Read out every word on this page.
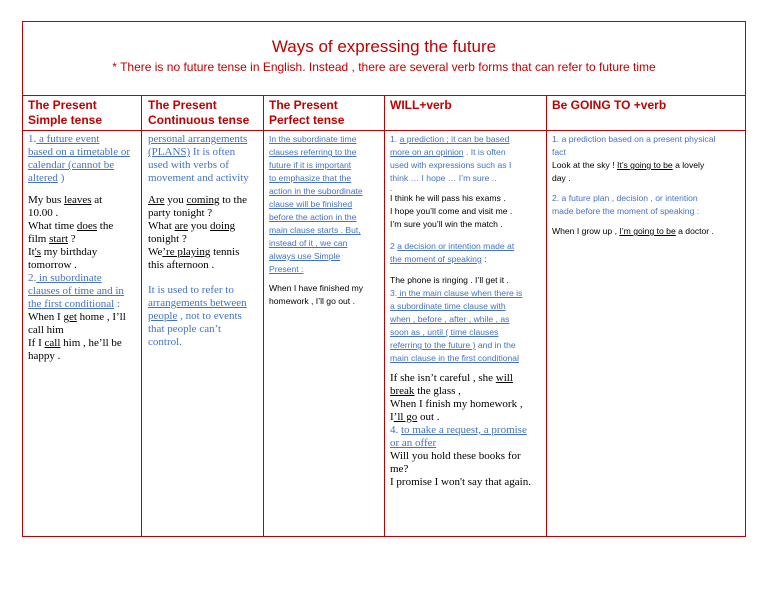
Ways of expressing the future
* There is no future tense in English. Instead , there are several verb forms that can refer to future time
The Present
Simple tense
The Present
Continuous tense
The Present
Perfect tense
WILL+verb	Be GOING TO +verb

1. a future event

based on a timetable or

calendar (cannot be

altered )

My bus leaves at

10.00 .

What time does the

film start ?

It's my birthday

tomorrow .

2. in subordinate

clauses of time and in

the first conditional :

When I get home , I’ll

call him

If I call him , he’ll be

happy .

personal arrangements

(PLANS) It is often

used with verbs of

movement and activity

Are you coming to the

party tonight ?

What are you doing

tonight ?

We’re playing tennis

this afternoon .

It is used to refer to

arrangements between

people , not to events

that people can’t

control.

In the subordinate time

clauses referring to the

future if it is important

to emphasize that the

action in the subordinate

clause will be finished

before the action in the

main clause starts . But,

instead of it , we can

always use Simple

Present :

When I have finished my

homework , I’ll go out .

1. a prediction ; it can be based

more on an opinion . It is often

used with expressions such as I

think … I hope … I’m sure ..

.

I think he will pass his exams .

I hope you’ll come and visit me .

I’m sure you’ll win the match .

2 a decision or intention made at

the moment of speaking :

The phone is ringing . I’ll get it .

3. in the main clause when there is

a subordinate time clause with

when , before , after , while , as

soon as , until ( time clauses

referring to the future ) and in the

main clause in the first conditional

If she isn’t careful , she will

break the glass ,

When I finish my homework ,

I’ll go out .

4. to make a request, a promise

or an offer

Will you hold these books for

me?

I promise I won't say that again.

1. a prediction based on a present physical

fact

Look at the sky ! It’s going to be a lovely

day .

2. a future plan , decision , or intention

made before the moment of speaking :

When I grow up , I’m going to be a doctor .
